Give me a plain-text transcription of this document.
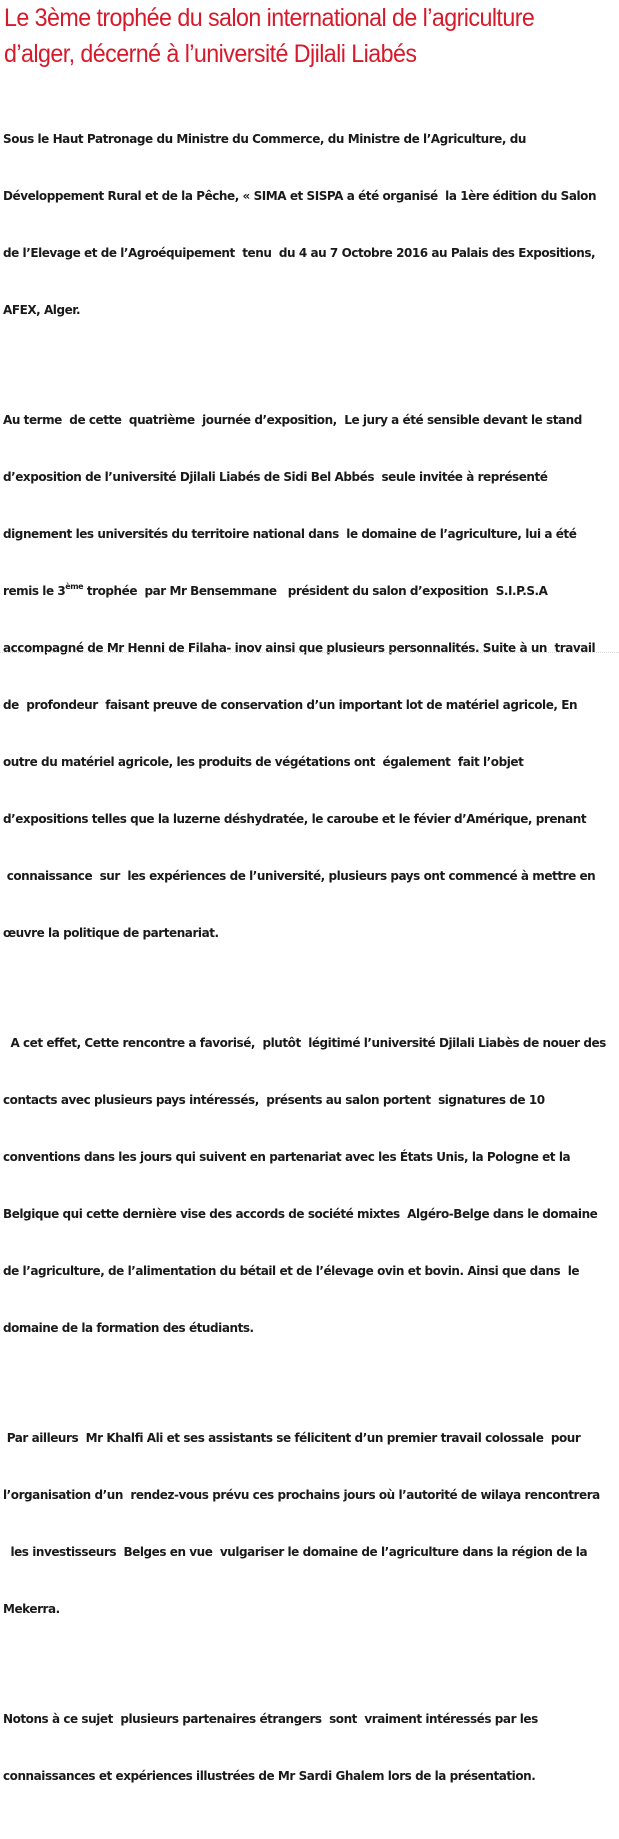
Le 3ème trophée du salon international de l’agriculture
d’alger, décerné à l’université Djilali Liabés

Sous le Haut Patronage du Ministre du Commerce, du Ministre de l’Agriculture, du

Développement Rural et de la Pêche, « SIMA et SISPA a été organisé  la 1ère édition du Salon

de l’Elevage et de l’Agroéquipement  tenu  du 4 au 7 Octobre 2016 au Palais des Expositions,

AFEX, Alger.

Au terme  de cette  quatrième  journée d’exposition,  Le jury a été sensible devant le stand

d’exposition de l’université Djilali Liabés de Sidi Bel Abbés  seule invitée à représenté

dignement les universités du territoire national dans  le domaine de l’agriculture, lui a été

remis le 3ème trophée  par Mr Bensemmane   président du salon d’exposition  S.I.P.S.A

accompagné de Mr Henni de Filaha- inov ainsi que plusieurs personnalités. Suite à un  travail

de  profondeur  faisant preuve de conservation d’un important lot de matériel agricole, En

outre du matériel agricole, les produits de végétations ont  également  fait l’objet

d’expositions telles que la luzerne déshydratée, le caroube et le févier d’Amérique, prenant

connaissance  sur  les expériences de l’université, plusieurs pays ont commencé à mettre en

œuvre la politique de partenariat.

A cet effet, Cette rencontre a favorisé,  plutôt  légitimé l’université Djilali Liabès de nouer des

contacts avec plusieurs pays intéressés,  présents au salon portent  signatures de 10

conventions dans les jours qui suivent en partenariat avec les États Unis, la Pologne et la

Belgique qui cette dernière vise des accords de société mixtes  Algéro-Belge dans le domaine

de l’agriculture, de l’alimentation du bétail et de l’élevage ovin et bovin. Ainsi que dans  le

domaine de la formation des étudiants.

Par ailleurs  Mr Khalfi Ali et ses assistants se félicitent d’un premier travail colossale  pour

l’organisation d’un  rendez-vous prévu ces prochains jours où l’autorité de wilaya rencontrera

les investisseurs  Belges en vue  vulgariser le domaine de l’agriculture dans la région de la

Mekerra.

Notons à ce sujet  plusieurs partenaires étrangers  sont  vraiment intéressés par les

connaissances et expériences illustrées de Mr Sardi Ghalem lors de la présentation.
